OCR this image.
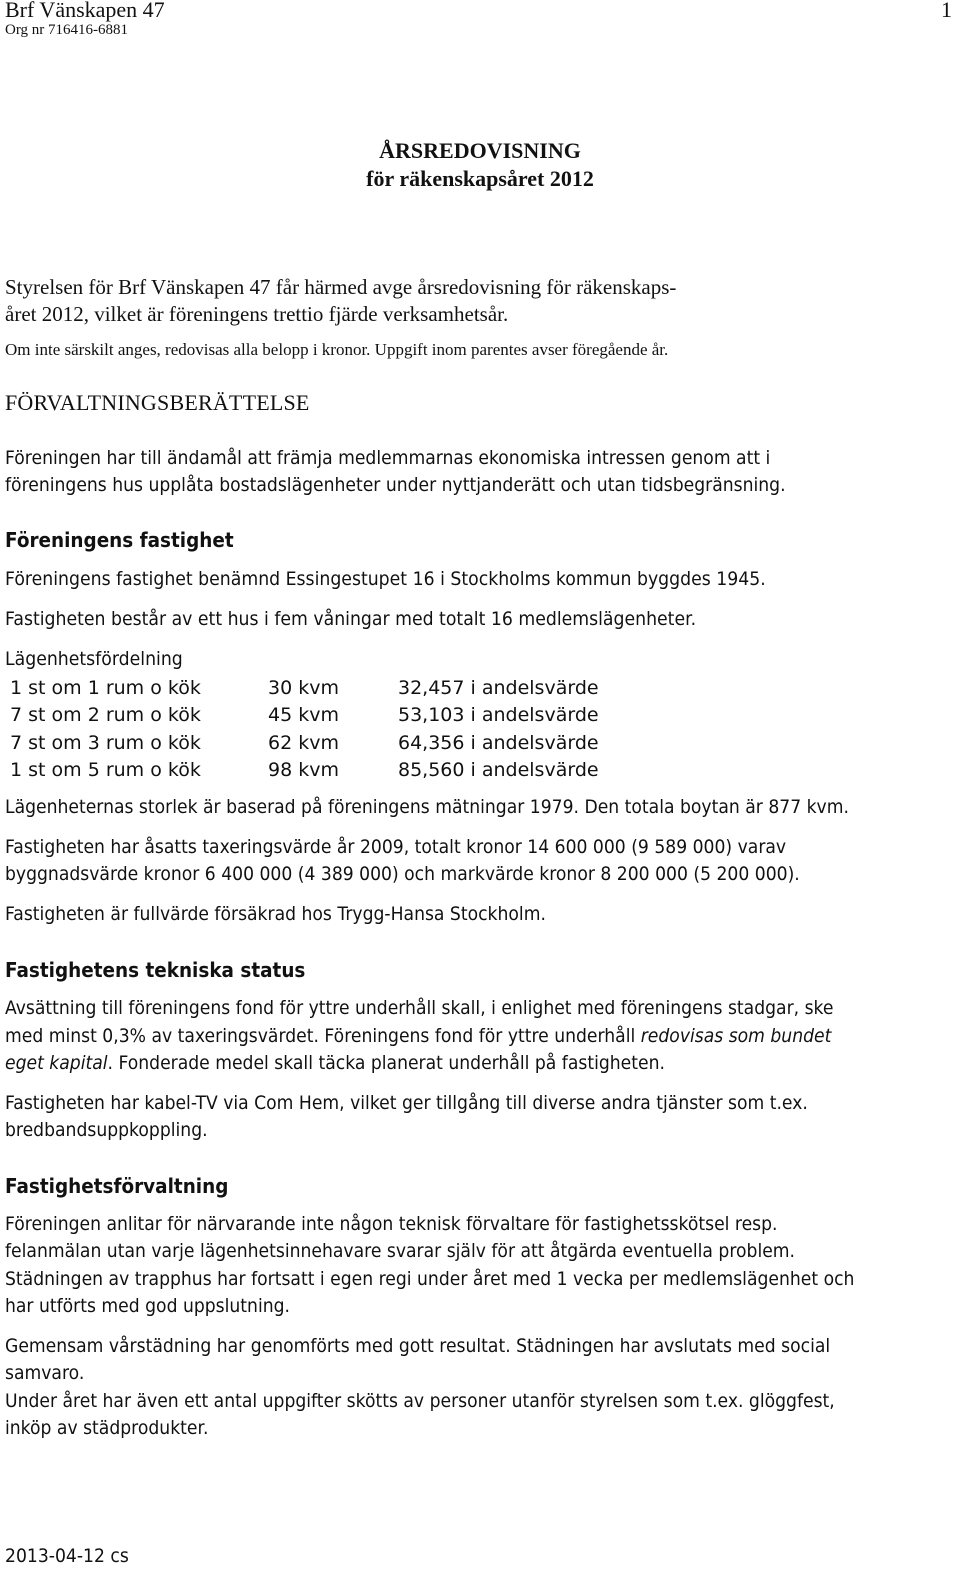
Brf Vänskapen 47
Org nr 716416-6881
1
ÅRSREDOVISNING
för räkenskapsåret 2012
Styrelsen för Brf Vänskapen 47 får härmed avge årsredovisning för räkenskaps-
året 2012, vilket är föreningens trettio fjärde verksamhetsår.
Om inte särskilt anges, redovisas alla belopp i kronor. Uppgift inom parentes avser föregående år.
FÖRVALTNINGSBERÄTTELSE
Föreningen har till ändamål att främja medlemmarnas ekonomiska intressen genom att i
föreningens hus upplåta bostadslägenheter under nyttjanderätt och utan tidsbegränsning.
Föreningens fastighet
Föreningens fastighet benämnd Essingestupet 16 i Stockholms kommun byggdes 1945.
Fastigheten består av ett hus i fem våningar med totalt 16 medlemslägenheter.
Lägenhetsfördelning
1 st om 1 rum o kök	30 kvm	32,457 i andelsvärde
7 st om 2 rum o kök	45 kvm	53,103 i andelsvärde
7 st om 3 rum o kök	62 kvm	64,356 i andelsvärde
1 st om 5 rum o kök	98 kvm	85,560 i andelsvärde
Lägenheternas storlek är baserad på föreningens mätningar 1979. Den totala boytan är 877 kvm.
Fastigheten har åsatts taxeringsvärde år 2009, totalt kronor 14 600 000 (9 589 000) varav
byggnadsvärde kronor 6 400 000 (4 389 000) och markvärde kronor 8 200 000 (5 200 000).
Fastigheten är fullvärde försäkrad hos Trygg-Hansa Stockholm.
Fastighetens tekniska status
Avsättning till föreningens fond för yttre underhåll skall, i enlighet med föreningens stadgar, ske
med minst 0,3% av taxeringsvärdet. Föreningens fond för yttre underhåll redovisas som bundet
eget kapital. Fonderade medel skall täcka planerat underhåll på fastigheten.
Fastigheten har kabel-TV via Com Hem, vilket ger tillgång till diverse andra tjänster som t.ex.
bredbandsuppkoppling.
Fastighetsförvaltning
Föreningen anlitar för närvarande inte någon teknisk förvaltare för fastighetsskötsel resp.
felanmälan utan varje lägenhetsinnehavare svarar själv för att åtgärda eventuella problem.
Städningen av trapphus har fortsatt i egen regi under året med 1 vecka per medlemslägenhet och
har utförts med god uppslutning.
Gemensam vårstädning har genomförts med gott resultat. Städningen har avslutats med social
samvaro.
Under året har även ett antal uppgifter skötts av personer utanför styrelsen som t.ex. glöggfest,
inköp av städprodukter.
2013-04-12 cs
